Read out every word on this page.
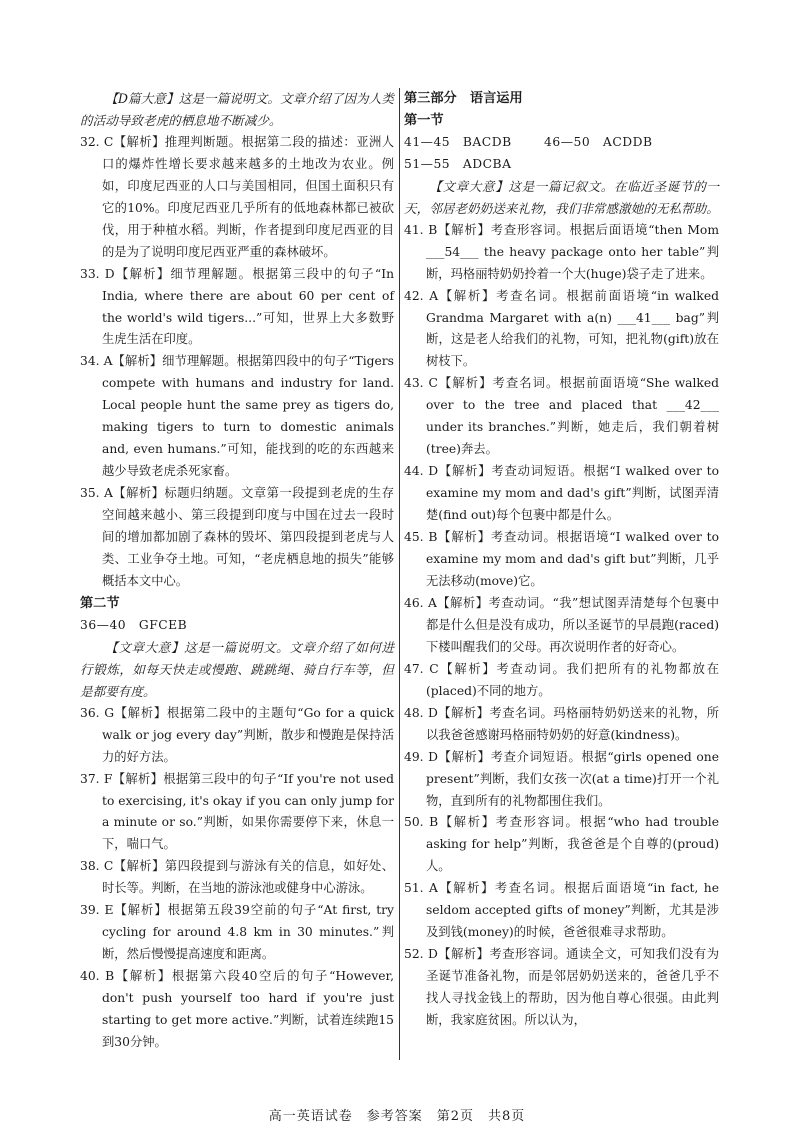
【D篇大意】这是一篇说明文。文章介绍了因为人类的活动导致老虎的栖息地不断减少。

32. C【解析】推理判断题。根据第二段的描述：亚洲人口的爆炸性增长要求越来越多的土地改为农业。例如，印度尼西亚的人口与美国相同，但国土面积只有它的10%。印度尼西亚几乎所有的低地森林都已被砍伐，用于种植水稻。判断，作者提到印度尼西亚的目的是为了说明印度尼西亚严重的森林破坏。

33. D【解析】细节理解题。根据第三段中的句子“In India, where there are about 60 per cent of the world's wild tigers...”可知，世界上大多数野生虎生活在印度。

34. A【解析】细节理解题。根据第四段中的句子“Tigers compete with humans and industry for land. Local people hunt the same prey as tigers do, making tigers to turn to domestic animals and, even humans.”可知，能找到的吃的东西越来越少导致老虎杀死家畜。

35. A【解析】标题归纳题。文章第一段提到老虎的生存空间越来越小、第三段提到印度与中国在过去一段时间的增加都加剧了森林的毁坏、第四段提到老虎与人类、工业争夺土地。可知，“老虎栖息地的损失”能够概括本文中心。

第二节

36—40　GFCEB

【文章大意】这是一篇说明文。文章介绍了如何进行锻炼，如每天快走或慢跑、跳跳绳、骑自行车等，但是都要有度。

36. G【解析】根据第二段中的主题句“Go for a quick walk or jog every day”判断，散步和慢跑是保持活力的好方法。

37. F【解析】根据第三段中的句子“If you're not used to exercising, it's okay if you can only jump for a minute or so.”判断，如果你需要停下来，休息一下，喘口气。

38. C【解析】第四段提到与游泳有关的信息，如好处、时长等。判断，在当地的游泳池或健身中心游泳。

39. E【解析】根据第五段39空前的句子“At first, try cycling for around 4.8 km in 30 minutes.”判断，然后慢慢提高速度和距离。

40. B【解析】根据第六段40空后的句子“However, don't push yourself too hard if you're just starting to get more active.”判断，试着连续跑15到30分钟。

第三部分　语言运用

第一节

41—45　BACDB	46—50　ACDDB

51—55　ADCBA

【文章大意】这是一篇记叙文。在临近圣诞节的一天，邻居老奶奶送来礼物，我们非常感激她的无私帮助。

41. B【解析】考查形容词。根据后面语境“then Mom ___54___ the heavy package onto her table”判断，玛格丽特奶奶拎着一个大(huge)袋子走了进来。

42. A【解析】考查名词。根据前面语境“in walked Grandma Margaret with a(n) ___41___ bag”判断，这是老人给我们的礼物，可知，把礼物(gift)放在树枝下。

43. C【解析】考查名词。根据前面语境“She walked over to the tree and placed that ___42___ under its branches.”判断，她走后，我们朝着树(tree)奔去。

44. D【解析】考查动词短语。根据“I walked over to examine my mom and dad's gift”判断，试图弄清楚(find out)每个包裹中都是什么。

45. B【解析】考查动词。根据语境“I walked over to examine my mom and dad's gift but”判断，几乎无法移动(move)它。

46. A【解析】考查动词。“我”想试图弄清楚每个包裹中都是什么但是没有成功，所以圣诞节的早晨跑(raced)下楼叫醒我们的父母。再次说明作者的好奇心。

47. C【解析】考查动词。我们把所有的礼物都放在(placed)不同的地方。

48. D【解析】考查名词。玛格丽特奶奶送来的礼物，所以我爸爸感谢玛格丽特奶奶的好意(kindness)。

49. D【解析】考查介词短语。根据“girls opened one present”判断，我们女孩一次(at a time)打开一个礼物，直到所有的礼物都围住我们。

50. B【解析】考查形容词。根据“who had trouble asking for help”判断，我爸爸是个自尊的(proud)人。

51. A【解析】考查名词。根据后面语境“in fact, he seldom accepted gifts of money”判断，尤其是涉及到钱(money)的时候，爸爸很难寻求帮助。

52. D【解析】考查形容词。通读全文，可知我们没有为圣诞节准备礼物，而是邻居奶奶送来的，爸爸几乎不找人寻找金钱上的帮助，因为他自尊心很强。由此判断，我家庭贫困。所以认为，

高一英语试卷　参考答案　第2页　共8页
